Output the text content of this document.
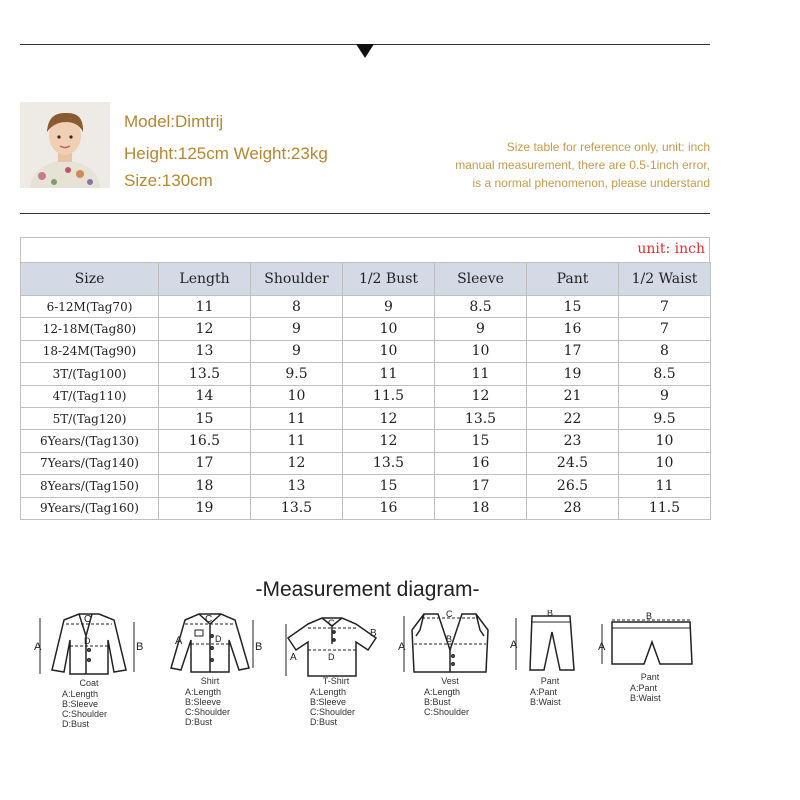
Model:Dimtrij
Height:125cm Weight:23kg
Size:130cm
Size table for reference only, unit: inch
manual measurement, there are 0.5-1inch error,
is a normal phenomenon, please understand
unit: inch
Size	Length	Shoulder	1/2 Bust	Sleeve	Pant	1/2 Waist
6-12M(Tag70)	11	8	9	8.5	15	7
12-18M(Tag80)	12	9	10	9	16	7
18-24M(Tag90)	13	9	10	10	17	8
3T/(Tag100)	13.5	9.5	11	11	19	8.5
4T/(Tag110)	14	10	11.5	12	21	9
5T/(Tag120)	15	11	12	13.5	22	9.5
6Years/(Tag130)	16.5	11	12	15	23	10
7Years/(Tag140)	17	12	13.5	16	24.5	10
8Years/(Tag150)	18	13	15	17	26.5	11
9Years/(Tag160)	19	13.5	16	18	28	11.5
-Measurement diagram-
A	B
C
D
Coat
A:Length
B:Sleeve
C:Shoulder
D:Bust
A	B
C
D
Shirt
A:Length
B:Sleeve
C:Shoulder
D:Bust
A
B
C
D
T-Shirt
A:Length
B:Sleeve
C:Shoulder
D:Bust
A
B
C
Vest
A:Length
B:Bust
C:Shoulder
A
B
Pant
A:Pant
B:Waist
A
B
Pant
A:Pant
B:Waist
